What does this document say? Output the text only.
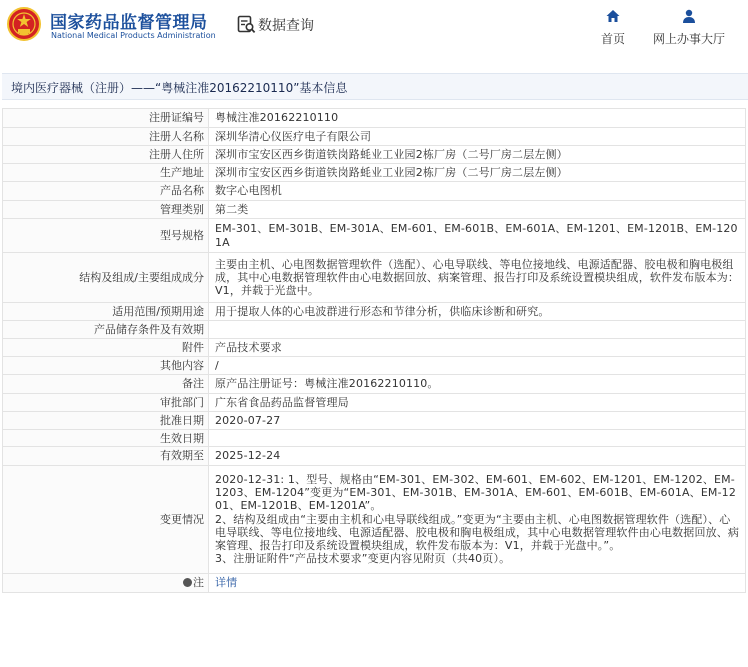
国家药品监督管理局
National Medical Products Administration
数据查询
首页 网上办事大厅
境内医疗器械（注册）——“粤械注准20162210110”基本信息
注册证编号	粤械注准20162210110
注册人名称	深圳华清心仪医疗电子有限公司
注册人住所	深圳市宝安区西乡街道铁岗路蚝业工业园2栋厂房（二号厂房二层左侧）
生产地址	深圳市宝安区西乡街道铁岗路蚝业工业园2栋厂房（二号厂房二层左侧）
产品名称	数字心电图机
管理类别	第二类
型号规格	EM-301、EM-301B、EM-301A、EM-601、EM-601B、EM-601A、EM-1201、EM-1201B、EM-1201A
结构及组成/主要组成成分	主要由主机、心电图数据管理软件（选配）、心电导联线、等电位接地线、电源适配器、胶电极和胸电极组成，其中心电数据管理软件由心电数据回放、病案管理、报告打印及系统设置模块组成，软件发布版本为：V1，并载于光盘中。
适用范围/预期用途	用于提取人体的心电波群进行形态和节律分析，供临床诊断和研究。
产品储存条件及有效期	
附件	产品技术要求
其他内容	/
备注	原产品注册证号：粤械注准20162210110。
审批部门	广东省食品药品监督管理局
批准日期	2020-07-27
生效日期	
有效期至	2025-12-24
变更情况	2020-12-31: 1、型号、规格由“EM-301、EM-302、EM-601、EM-602、EM-1201、EM-1202、EM-1203、EM-1204”变更为“EM-301、EM-301B、EM-301A、EM-601、EM-601B、EM-601A、EM-1201、EM-1201B、EM-1201A”。
2、结构及组成由“主要由主机和心电导联线组成。”变更为“主要由主机、心电图数据管理软件（选配）、心电导联线、等电位接地线、电源适配器、胶电极和胸电极组成，其中心电数据管理软件由心电数据回放、病案管理、报告打印及系统设置模块组成，软件发布版本为：V1，并载于光盘中。”。
3、注册证附件“产品技术要求”变更内容见附页（共40页）。
注	详情
